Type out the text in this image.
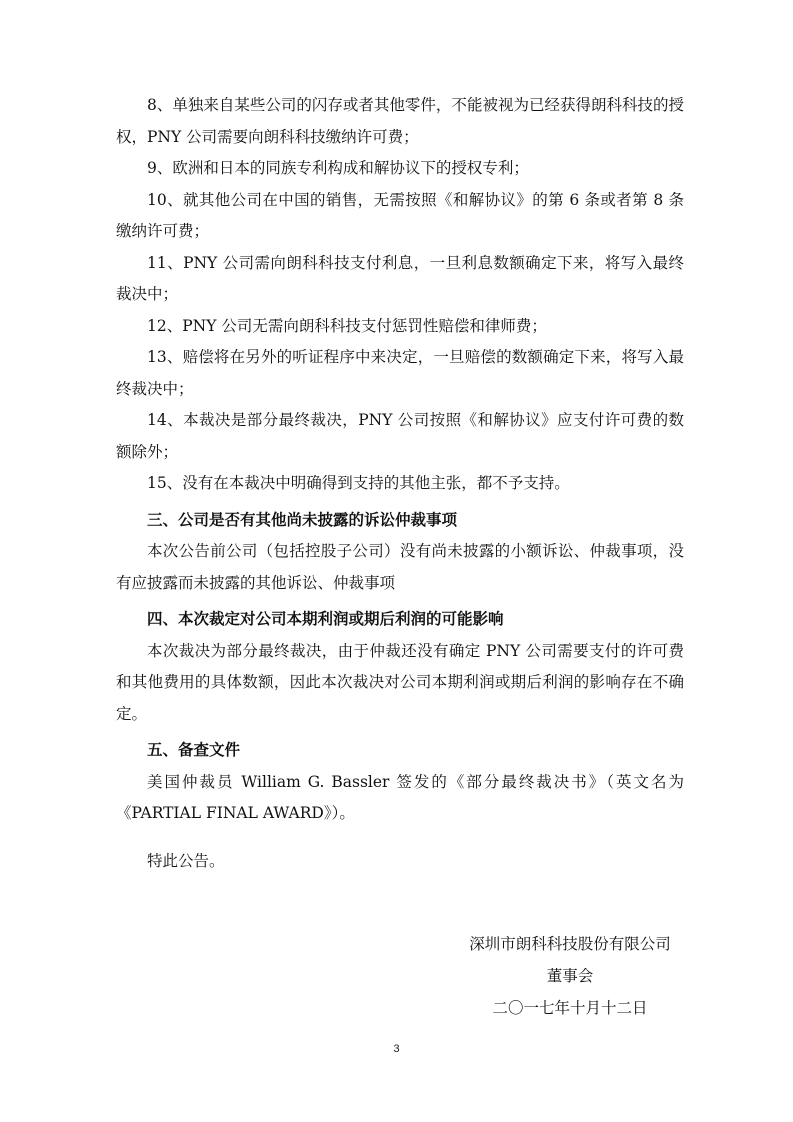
8、单独来自某些公司的闪存或者其他零件，不能被视为已经获得朗科科技的授权，PNY 公司需要向朗科科技缴纳许可费；

9、欧洲和日本的同族专利构成和解协议下的授权专利；

10、就其他公司在中国的销售，无需按照《和解协议》的第 6 条或者第 8 条缴纳许可费；

11、PNY 公司需向朗科科技支付利息，一旦利息数额确定下来，将写入最终裁决中；

12、PNY 公司无需向朗科科技支付惩罚性赔偿和律师费；

13、赔偿将在另外的听证程序中来决定，一旦赔偿的数额确定下来，将写入最终裁决中；

14、本裁决是部分最终裁决，PNY 公司按照《和解协议》应支付许可费的数额除外；

15、没有在本裁决中明确得到支持的其他主张，都不予支持。

三、公司是否有其他尚未披露的诉讼仲裁事项

本次公告前公司（包括控股子公司）没有尚未披露的小额诉讼、仲裁事项，没有应披露而未披露的其他诉讼、仲裁事项

四、本次裁定对公司本期利润或期后利润的可能影响

本次裁决为部分最终裁决，由于仲裁还没有确定 PNY 公司需要支付的许可费和其他费用的具体数额，因此本次裁决对公司本期利润或期后利润的影响存在不确定。

五、备查文件

美国仲裁员 William G. Bassler 签发的《部分最终裁决书》（英文名为《PARTIAL FINAL AWARD》）。

特此公告。

深圳市朗科科技股份有限公司
董事会
二〇一七年十月十二日
3
